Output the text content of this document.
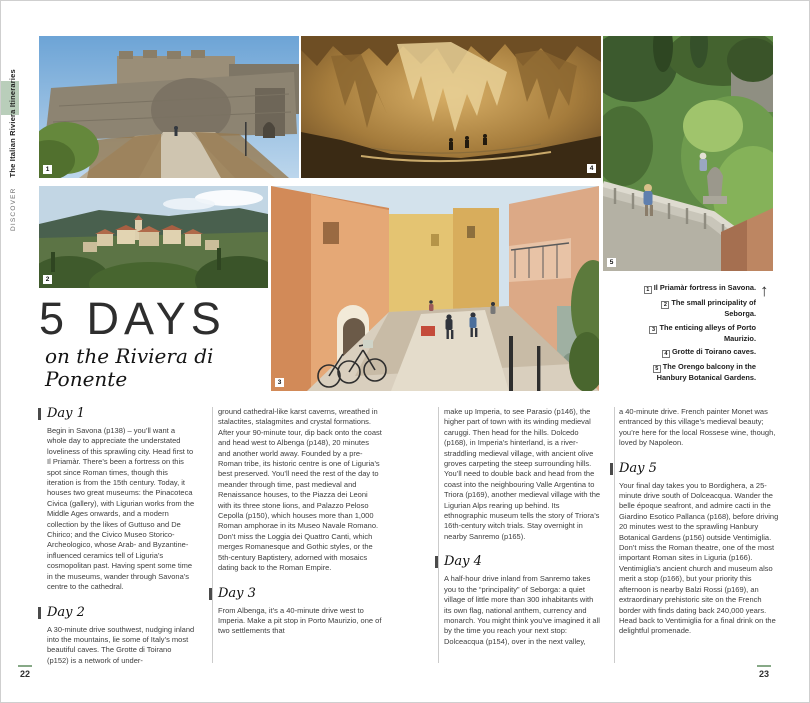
DISCOVER
The Italian Riviera Itineraries	1
2
3
4
5
5 DAYS
on the Riviera di
Ponente
1 Il Priamàr fortress in Savona.
2 The small principality of Seborga.
3 The enticing alleys of Porto Maurizio.
4 Grotte di Toirano caves.
5 The Orengo balcony in the Hanbury Botanical Gardens.
↑
Day 1

Begin in Savona (p138) – you’ll want a whole day to appreciate the understated loveliness of this sprawling city. Head first to Il Priamàr. There’s been a fortress on this spot since Roman times, though this iteration is from the 15th century. Today, it houses two great museums: the Pinacoteca Civica (gallery), with Ligurian works from the Middle Ages onwards, and a modern collection by the likes of Guttuso and De Chirico; and the Civico Museo Storico-Archeologico, whose Arab- and Byzantine-influenced ceramics tell of Liguria’s cosmopolitan past. Having spent some time in the museums, wander through Savona’s centre to the cathedral.

Day 2

A 30-minute drive southwest, nudging inland into the mountains, lie some of Italy’s most beautiful caves. The Grotte di Toirano (p152) is a network of under-

ground cathedral-like karst caverns, wreathed in stalactites, stalagmites and crystal formations. After your 90-minute tour, dip back onto the coast and head west to Albenga (p148), 20 minutes and another world away. Founded by a pre-Roman tribe, its historic centre is one of Liguria’s best preserved. You’ll need the rest of the day to meander through time, past medieval and Renaissance houses, to the Piazza dei Leoni with its three stone lions, and Palazzo Peloso Cepolla (p150), which houses more than 1,000 Roman amphorae in its Museo Navale Romano. Don’t miss the Loggia dei Quattro Canti, which merges Romanesque and Gothic styles, or the 5th-century Baptistery, adorned with mosaics dating back to the Roman Empire.

Day 3

From Albenga, it’s a 40-minute drive west to Imperia. Make a pit stop in Porto Maurizio, one of two settlements that

make up Imperia, to see Parasio (p146), the higher part of town with its winding medieval caruggi. Then head for the hills. Dolcedo (p168), in Imperia’s hinterland, is a river-straddling medieval village, with ancient olive groves carpeting the steep surrounding hills. You’ll need to double back and head from the coast into the neighbouring Valle Argentina to Triora (p169), another medieval village with the Ligurian Alps rearing up behind. Its ethnographic museum tells the story of Triora’s 16th-century witch trials. Stay overnight in nearby Sanremo (p165).

Day 4

A half-hour drive inland from Sanremo takes you to the “principality” of Seborga: a quiet village of little more than 300 inhabitants with its own flag, national anthem, currency and monarch. You might think you’ve imagined it all by the time you reach your next stop: Dolceacqua (p154), over in the next valley,

a 40-minute drive. French painter Monet was entranced by this village’s medieval beauty; you’re here for the local Rossese wine, though, loved by Napoleon.

Day 5

Your final day takes you to Bordighera, a 25-minute drive south of Dolceacqua. Wander the belle époque seafront, and admire cacti in the Giardino Esotico Pallanca (p168), before driving 20 minutes west to the sprawling Hanbury Botanical Gardens (p156) outside Ventimiglia. Don’t miss the Roman theatre, one of the most important Roman sites in Liguria (p166). Ventimiglia’s ancient church and museum also merit a stop (p166), but your priority this afternoon is nearby Balzi Rossi (p169), an extraordinary prehistoric site on the French border with finds dating back 240,000 years. Head back to Ventimiglia for a final drink on the delightful promenade.

22	23
